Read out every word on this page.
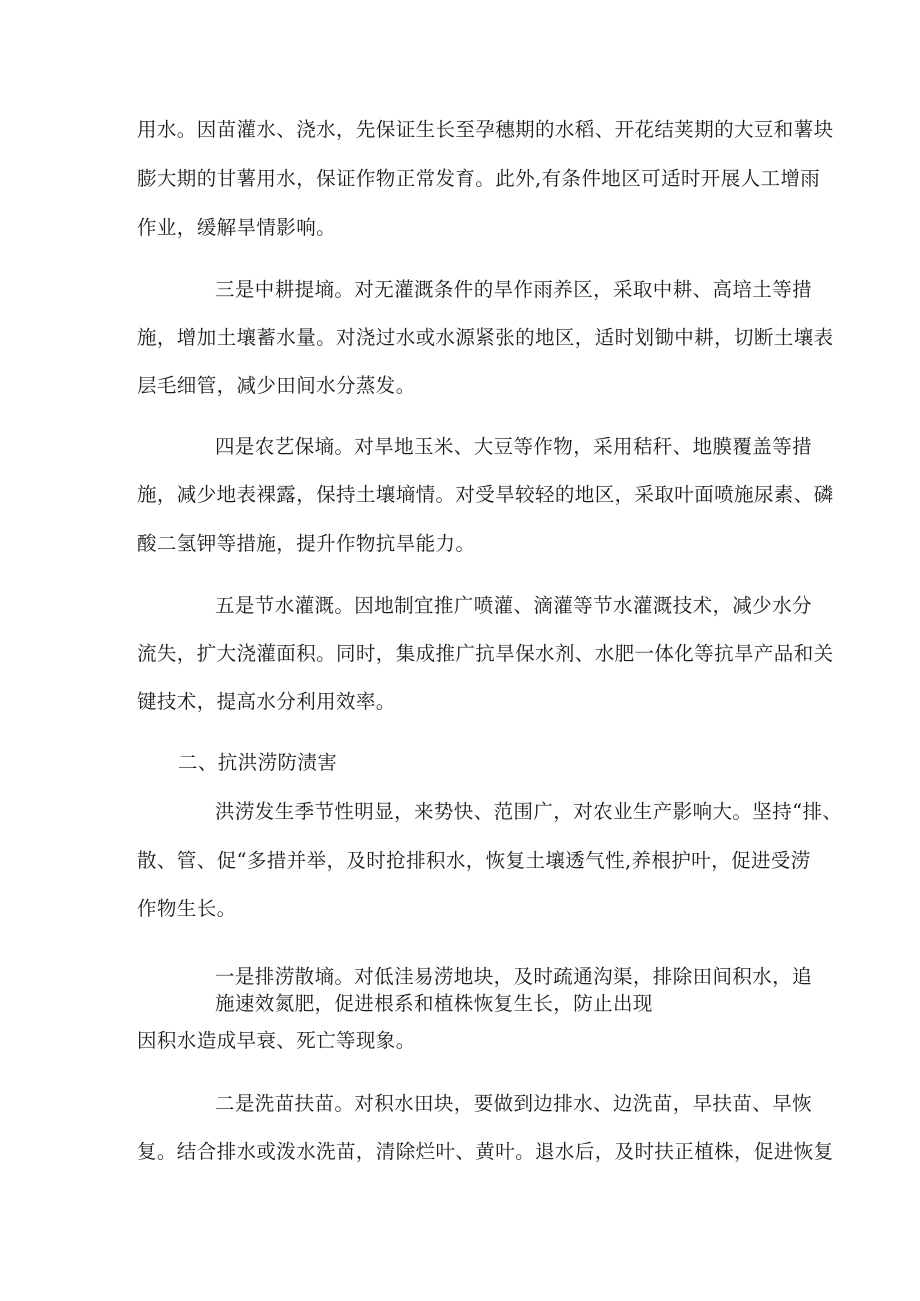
用水。因苗灌水、浇水，先保证生长至孕穗期的水稻、开花结荚期的大豆和薯块
膨大期的甘薯用水，保证作物正常发育。此外,有条件地区可适时开展人工增雨
作业，缓解旱情影响。
三是中耕提墒。对无灌溉条件的旱作雨养区，采取中耕、高培土等措
施，增加土壤蓄水量。对浇过水或水源紧张的地区，适时划锄中耕，切断土壤表
层毛细管，减少田间水分蒸发。
四是农艺保墒。对旱地玉米、大豆等作物，采用秸秆、地膜覆盖等措
施，减少地表裸露，保持土壤墒情。对受旱较轻的地区，采取叶面喷施尿素、磷
酸二氢钾等措施，提升作物抗旱能力。
五是节水灌溉。因地制宜推广喷灌、滴灌等节水灌溉技术，减少水分
流失，扩大浇灌面积。同时，集成推广抗旱保水剂、水肥一体化等抗旱产品和关
键技术，提高水分利用效率。
二、抗洪涝防渍害
洪涝发生季节性明显，来势快、范围广，对农业生产影响大。坚持“排、
散、管、促“多措并举，及时抢排积水，恢复土壤透气性,养根护叶，促进受涝
作物生长。
一是排涝散墒。对低洼易涝地块，及时疏通沟渠，排除田间积水，追
施速效氮肥，促进根系和植株恢复生长，防止出现
因积水造成早衰、死亡等现象。
二是洗苗扶苗。对积水田块，要做到边排水、边洗苗，早扶苗、早恢
复。结合排水或泼水洗苗，清除烂叶、黄叶。退水后，及时扶正植株，促进恢复
